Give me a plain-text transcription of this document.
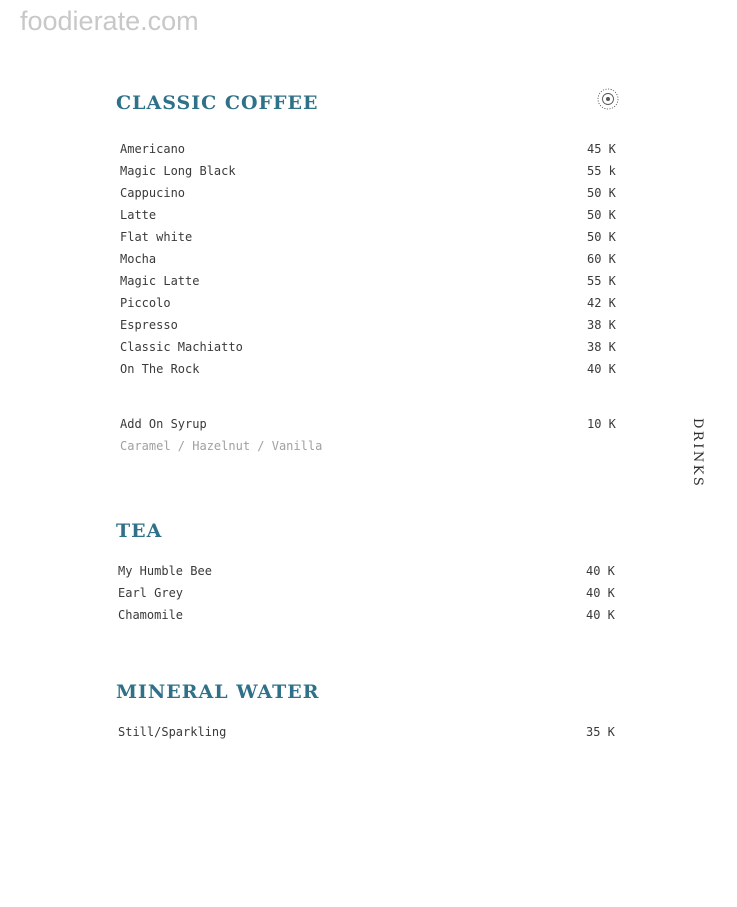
foodierate.com
CLASSIC COFFEE
Americano	45 K
Magic Long Black	55 k
Cappucino	50 K
Latte	50 K
Flat white	50 K
Mocha	60 K
Magic Latte	55 K
Piccolo	42 K
Espresso	38 K
Classic Machiatto	38 K
On The Rock	40 K
Add On Syrup	10 K
Caramel / Hazelnut / Vanilla
TEA
My Humble Bee	40 K
Earl Grey	40 K
Chamomile	40 K
MINERAL WATER
Still/Sparkling	35 K
DRINKS
